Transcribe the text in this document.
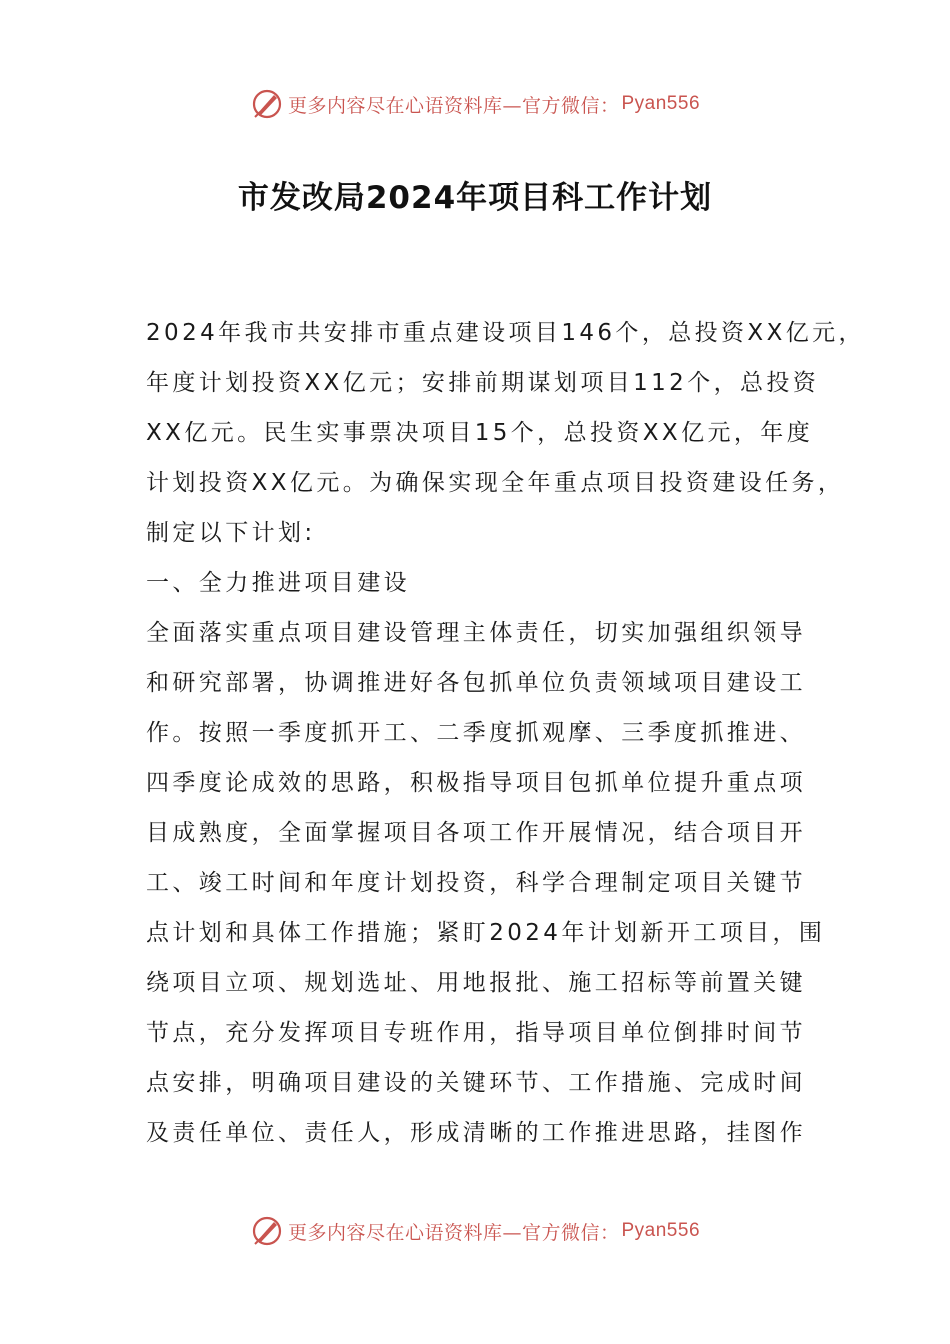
更多内容尽在心语资料库—官方微信： Pyan556
市发改局2024年项目科工作计划
2024年我市共安排市重点建设项目146个，总投资XX亿元，
年度计划投资XX亿元；安排前期谋划项目112个，总投资
XX亿元。民生实事票决项目15个，总投资XX亿元，年度
计划投资XX亿元。为确保实现全年重点项目投资建设任务，
制定以下计划:
一、全力推进项目建设
全面落实重点项目建设管理主体责任，切实加强组织领导
和研究部署，协调推进好各包抓单位负责领域项目建设工
作。按照一季度抓开工、二季度抓观摩、三季度抓推进、
四季度论成效的思路，积极指导项目包抓单位提升重点项
目成熟度，全面掌握项目各项工作开展情况，结合项目开
工、竣工时间和年度计划投资，科学合理制定项目关键节
点计划和具体工作措施；紧盯2024年计划新开工项目，围
绕项目立项、规划选址、用地报批、施工招标等前置关键
节点，充分发挥项目专班作用，指导项目单位倒排时间节
点安排，明确项目建设的关键环节、工作措施、完成时间
及责任单位、责任人，形成清晰的工作推进思路，挂图作
更多内容尽在心语资料库—官方微信： Pyan556
